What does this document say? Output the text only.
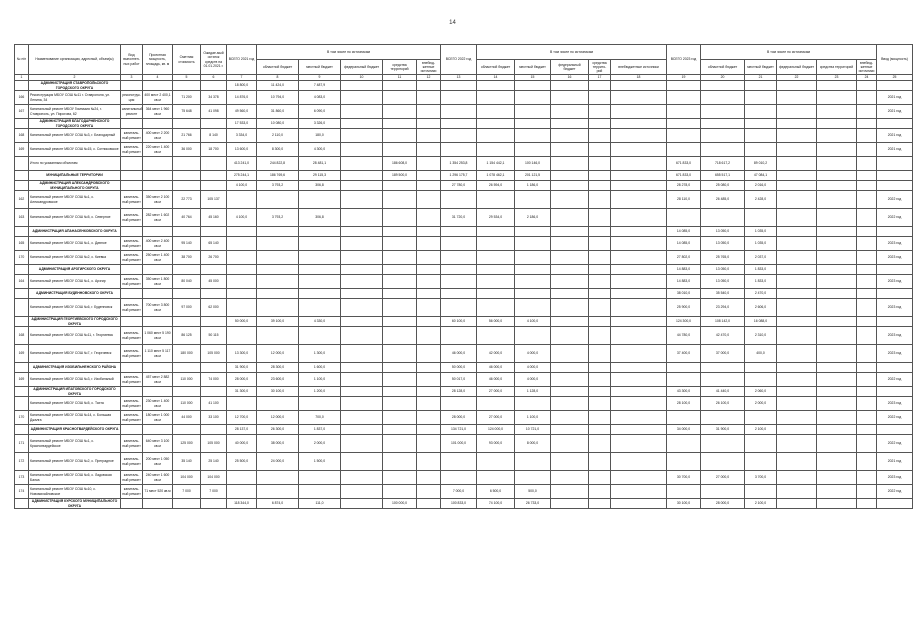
14
№ п/п	Наименование организации, адресный, объем(ы)	Вид выполнен-ных работ	Проектная мощность, площадь, кв. м	Сметная стоимость	Ожидае-мый остаток средств на 01.01.2021 г.	ВСЕГО 2021 год	В том числе по источникам					ВСЕГО 2022 год	В том числе по источникам					ВСЕГО 2023 год	В том числе по источникам					Ввод (мощность)
							областной бюджет	местный бюджет	федеральный бюджет	средства территорий	внебюд-жетные источники		областной бюджет	местный бюджет	федеральный бюджет	средства террито-рий	внебюджетные источники		областной бюджет	местный бюджет	федеральный бюджет	средства территорий	внебюд-жетные источники	
1	2	3	4	5	6	7	8	9	10	11	12	13	14	15	16	17	18	19	20	21	22	23	24	25
	АДМИНИСТРАЦИЯ СТАВРОПОЛЬСКОГО ГОРОДСКОГО ОКРУГА					18 800,0	11 424,0	7 487,9																
166	Реконструкция МБОУ СОШ №11 г. Ставрополя, ул. Ленина, 34	реконструк-ция	400 мест 2 400,1 кв.м	71 200	34 378	14 876,0	10 794,0	4 083,0																2021 год
167	Капитальный ремонт МБОУ Гимназия №24, г. Ставрополь, ул. Пирогова, 62	капитальный ремонт	364 мест 1 960 кв.м	75 648	41 098	49 560,0	31 860,0	6 090,0																2021 год
	АДМИНИСТРАЦИЯ БЛАГОДАРНЕНСКОГО ГОРОДСКОГО ОКРУГА					17 533,0	10 080,0	3 326,0																
168	Капитальный ремонт МБОУ СОШ №3, г. Благодарный	капиталь-ный ремонт	400 мест 2 200 кв.м	21 766	8 140	3 334,0	2 110,0	180,0																2021 год
169	Капитальный ремонт МБОУ СОШ №15, с. Сотниковское	капиталь-ный ремонт	220 мест 1 400 кв.м	36 000	18 700	13 600,0	8 300,0	4 300,0																2021 год
	Итого по указанным объектам					413 241,0	244 822,8	28 481,1		186 608,0		1 354 253,8	1 154 442,1	100 146,0				671 833,0	718 617,2	89 010,2				
	МУНИЦИПАЛЬНЫЕ ТЕРРИТОРИИ					275 244,1	186 769,6	29 115,3		189 500,0		1 296 175,7	1 078 462,1	201 121,5				671 833,0	655 517,1	47 084,1				
	АДМИНИСТРАЦИЯ АЛЕКСАНДРОВСКОГО МУНИЦИПАЛЬНОГО ОКРУГА					4 100,0	3 793,2	306,8				27 780,0	26 594,0	1 186,0				28 278,0	25 080,0	2 016,0				
162	Капитальный ремонт МБОУ СОШ №1, с. Александровское	капиталь-ный ремонт	350 мест 2 100 кв.м	22 773	105 137													28 110,0	26 485,0	2 428,0				2022 год
163	Капитальный ремонт МБОУ СОШ №5, с. Северное	капиталь-ный ремонт	282 мест 1 602 кв.м	40 764	45 160	4 100,0	3 793,2	306,8				31 720,0	29 534,0	2 186,0										2022 год
	АДМИНИСТРАЦИЯ АПАНАСЕНКОВСКОГО ОКРУГА																	14 085,0	13 050,0	1 035,0				
165	Капитальный ремонт МБОУ СОШ №1, с. Дивное	капиталь-ный ремонт	400 мест 2 400 кв.м	95 140	65 140													14 085,0	13 050,0	1 035,0				2023 год
170	Капитальный ремонт МБОУ СОШ №2, с. Киевка	капиталь-ный ремонт	250 мест 1 400 кв.м	38 700	26 700													27 802,0	25 765,0	2 037,0				2023 год
	АДМИНИСТРАЦИЯ АРЗГИРСКОГО ОКРУГА																	14 883,0	13 050,0	1 833,0				
164	Капитальный ремонт МБОУ СОШ №1, с. Арзгир	капиталь-ный ремонт	350 мест 1 800 кв.м	80 040	45 000													14 883,0	13 050,0	1 833,0				2023 год
	АДМИНИСТРАЦИЯ БУДЕННОВСКОГО ОКРУГА																	38 010,0	35 540,0	2 470,0				
	Капитальный ремонт МБОУ СОШ №6, г. Буденновск	капиталь-ный ремонт	700 мест 3 800 кв.м	97 000	62 000													25 900,0	23 294,0	2 606,0				2023 год
	АДМИНИСТРАЦИЯ ГЕОРГИЕВСКОГО ГОРОДСКОГО ОКРУГА					50 000,0	39 100,0	4 330,0				60 100,0	56 000,0	4 100,0				124 300,0	108 142,0	16 088,0				
168	Капитальный ремонт МБОУ СОШ №11, г. Георгиевск	капиталь-ный ремонт	1 060 мест 5 190 кв.м	86 125	50 115													44 780,0	42 470,0	2 310,0				2023 год
169	Капитальный ремонт МБОУ СОШ №7, г. Георгиевск	капиталь-ный ремонт	1 110 мест 5 117 кв.м	180 000	105 000	13 300,0	12 000,0	1 300,0				46 000,0	42 000,0	4 000,0				37 400,0	37 000,0	400,0				2023 год
	АДМИНИСТРАЦИЯ ИЗОБИЛЬНЕНСКОГО РАЙОНА					31 900,0	28 300,0	1 600,0				50 000,0	46 000,0	4 000,0										
169	Капитальный ремонт МБОУ СОШ №3, г. Изобильный	капиталь-ный ремонт	457 мест 2 882 кв.м	110 000	74 000	28 000,0	23 600,0	1 100,0				50 017,0	46 000,0	4 000,0										2022 год
	АДМИНИСТРАЦИЯ ИПАТОВСКОГО ГОРОДСКОГО ОКРУГА					31 300,0	30 100,0	1 200,0				28 128,0	27 000,0	1 128,0				43 300,0	41 440,0	2 060,0				
	Капитальный ремонт МБОУ СОШ №5, с. Тахта	капиталь-ный ремонт	230 мест 1 400 кв.м	110 000	41 100													28 100,0	26 100,0	2 000,0				2023 год
170	Капитальный ремонт МБОУ СОШ №14, с. Большая Джалга	капиталь-ный ремонт	180 мест 1 000 кв.м	44 000	33 100	12 700,0	12 000,0	700,0				28 000,0	27 000,0	1 100,0										2022 год
	АДМИНИСТРАЦИЯ КРАСНОГВАРДЕЙСКОГО ОКРУГА					28 137,0	26 300,0	1 837,0				134 721,0	124 000,0	10 721,0				34 000,0	31 900,0	2 100,0				
171	Капитальный ремонт МБОУ СОШ №1, с. Красногвардейское	капиталь-ный ремонт	640 мест 3 100 кв.м	125 000	105 000	40 000,0	38 000,0	2 000,0				101 000,0	93 000,0	8 000,0										2022 год
172	Капитальный ремонт МБОУ СОШ №2, с. Преградное	капиталь-ный ремонт	200 мест 1 050 кв.м	35 140	25 140	25 500,0	24 000,0	1 500,0																2021 год
173	Капитальный ремонт МБОУ СОШ №6, с. Ладовская Балка	капиталь-ный ремонт	240 мест 1 600 кв.м	104 000	104 000													30 700,0	27 000,0	3 700,0				2023 год
174	Капитальный ремонт МБОУ СОШ №10, с. Новомихайловское	капиталь-ный ремонт	71 мест 520 кв.м	7 000	7 000							7 000,0	6 500,0	500,0										2022 год
	АДМИНИСТРАЦИЯ КУРСКОГО МУНИЦИПАЛЬНОГО ОКРУГА					118 344,0	6 874,0	111,0		100 000,0		100 833,0	74 100,0	26 733,0				30 100,0	28 000,0	2 100,0				
